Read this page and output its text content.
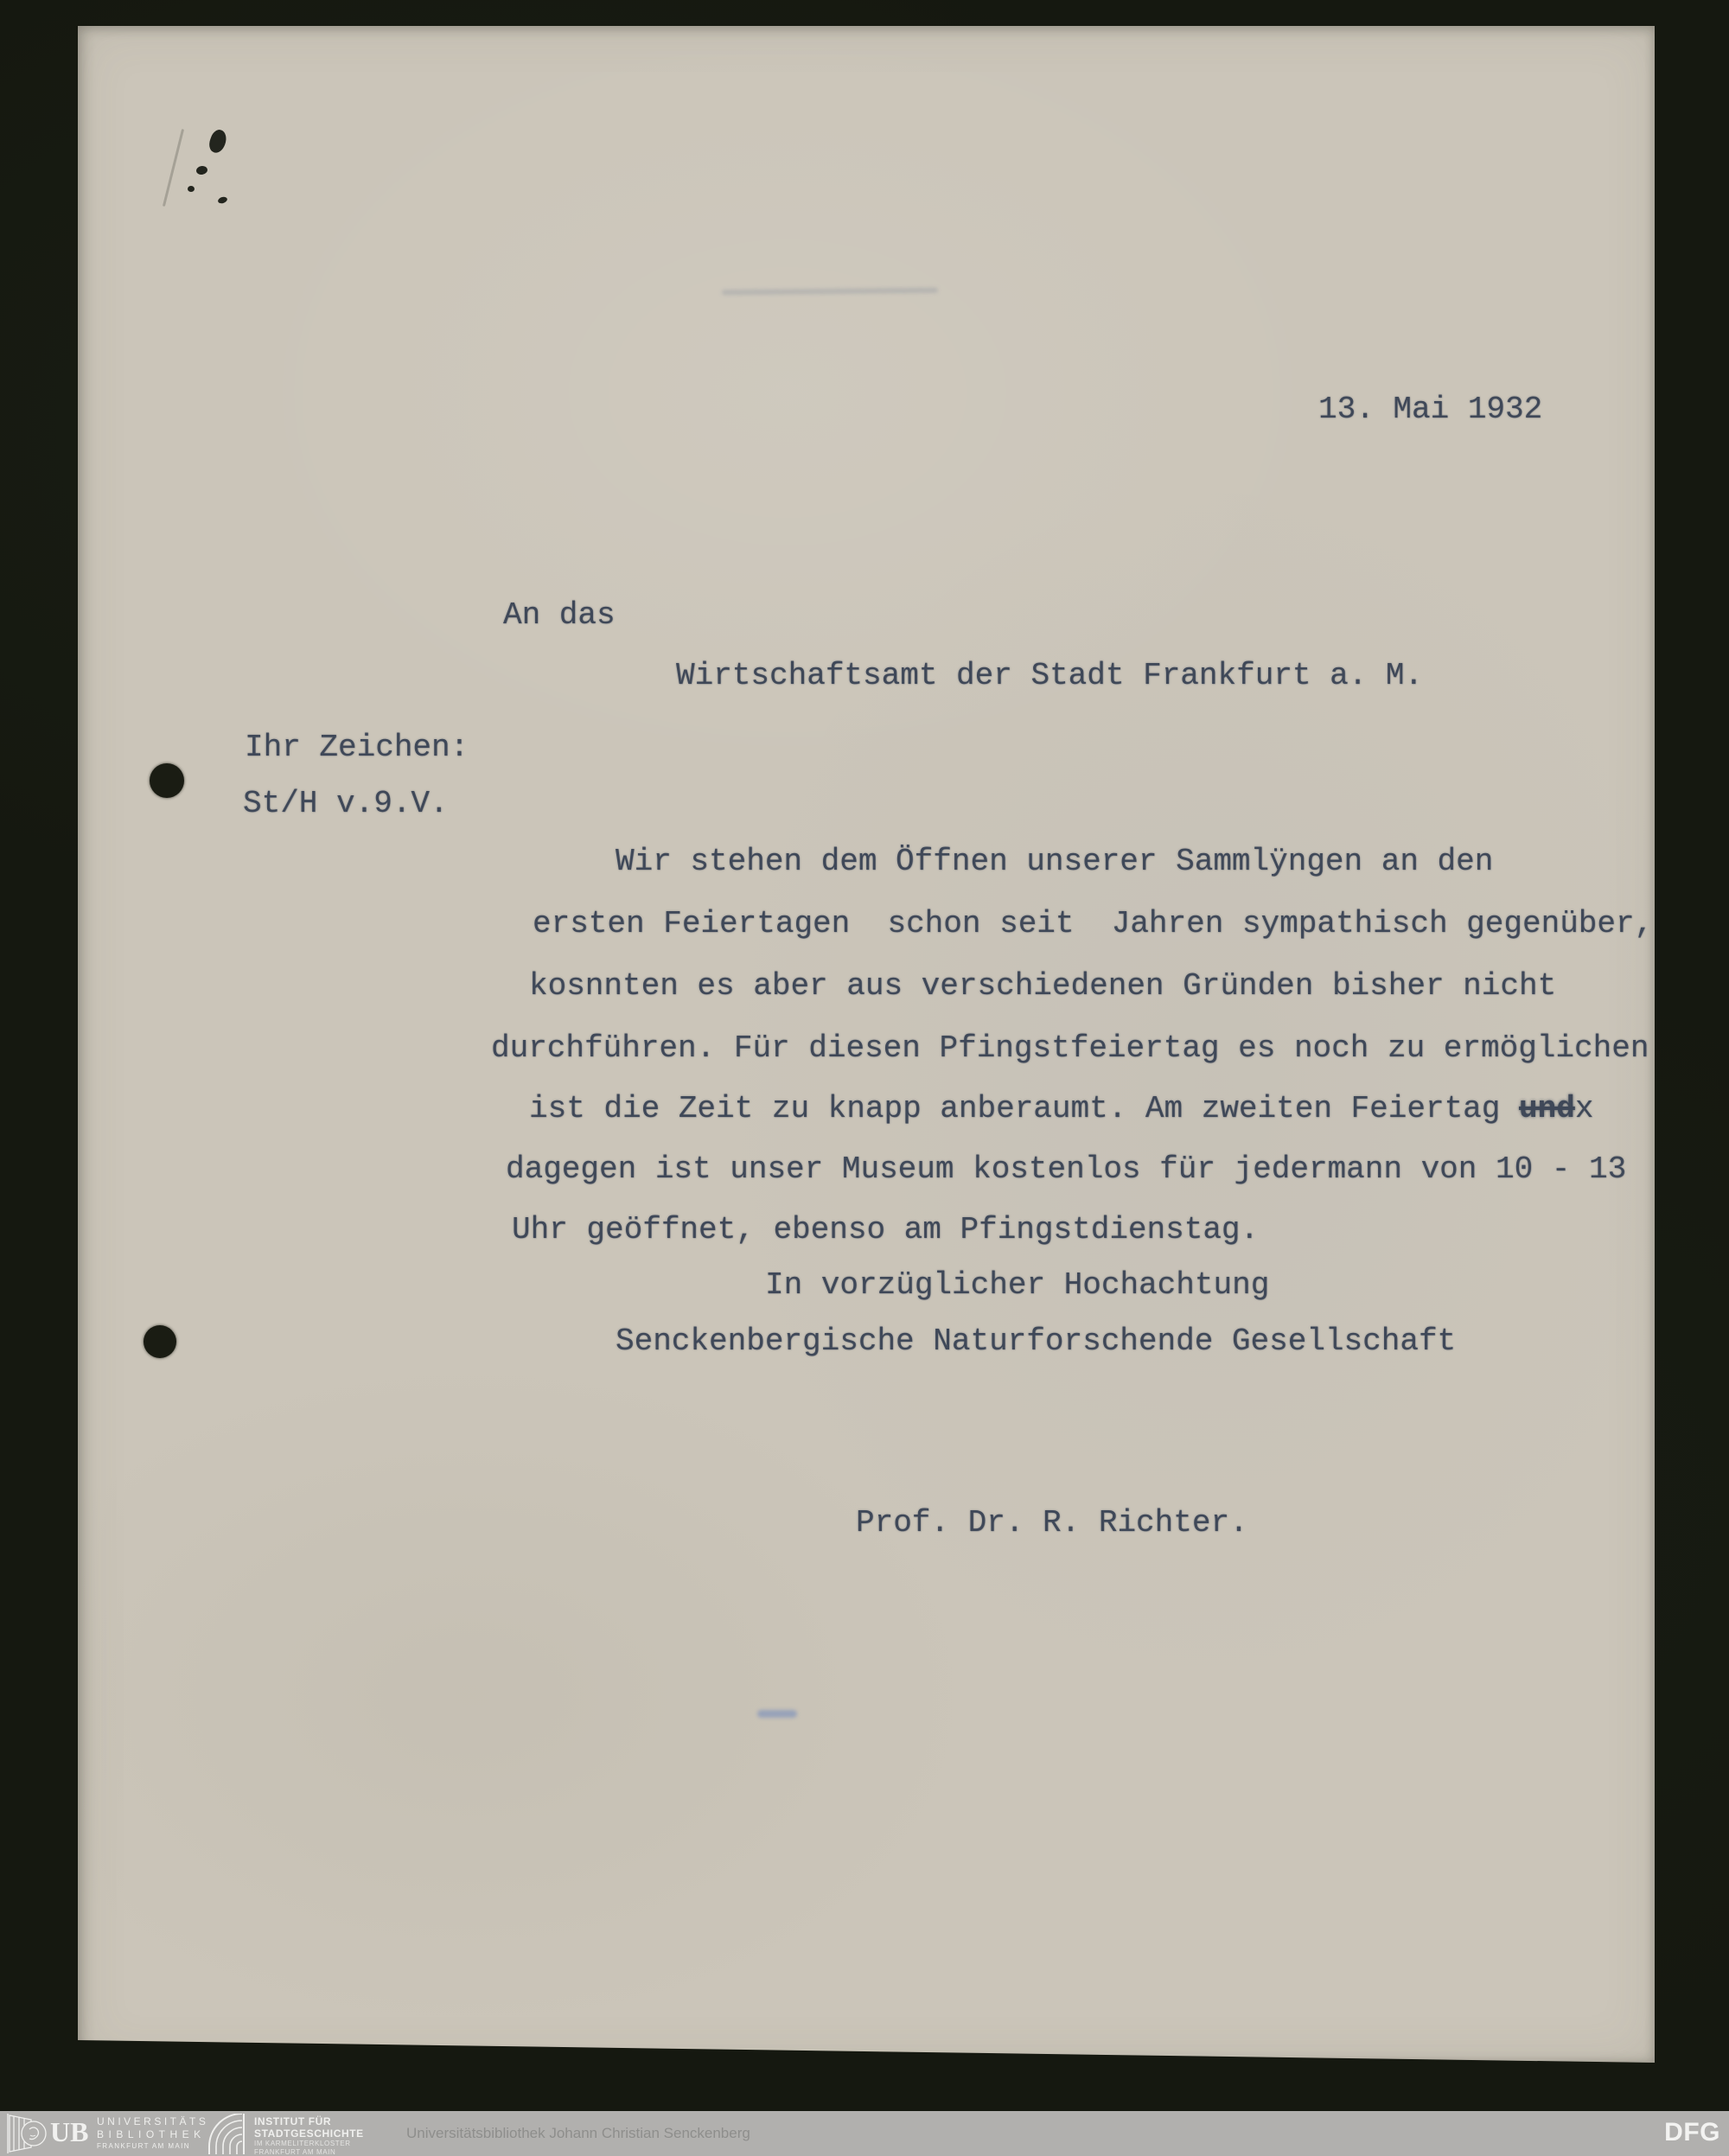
13. Mai 1932
An das
Wirtschaftsamt der Stadt Frankfurt a. M.
Ihr Zeichen:
St/H v.9.V.
Wir stehen dem Öffnen unserer Sammlÿngen an den
ersten Feiertagen  schon seit  Jahren sympathisch gegenüber,
kosnnten es aber aus verschiedenen Gründen bisher nicht
durchführen. Für diesen Pfingstfeiertag es noch zu ermöglichen
ist die Zeit zu knapp anberaumt. Am zweiten Feiertag undx
dagegen ist unser Museum kostenlos für jedermann von 10 - 13
Uhr geöffnet, ebenso am Pfingstdienstag.
In vorzüglicher Hochachtung
Senckenbergische Naturforschende Gesellschaft
Prof. Dr. R. Richter.
UB UNIVERSITÄTS
BIBLIOTHEK
FRANKFURT AM MAIN
INSTITUT FÜR
STADTGESCHICHTE
IM KARMELITERKLOSTER
FRANKFURT AM MAIN
Universitätsbibliothek Johann Christian Senckenberg	DFG
